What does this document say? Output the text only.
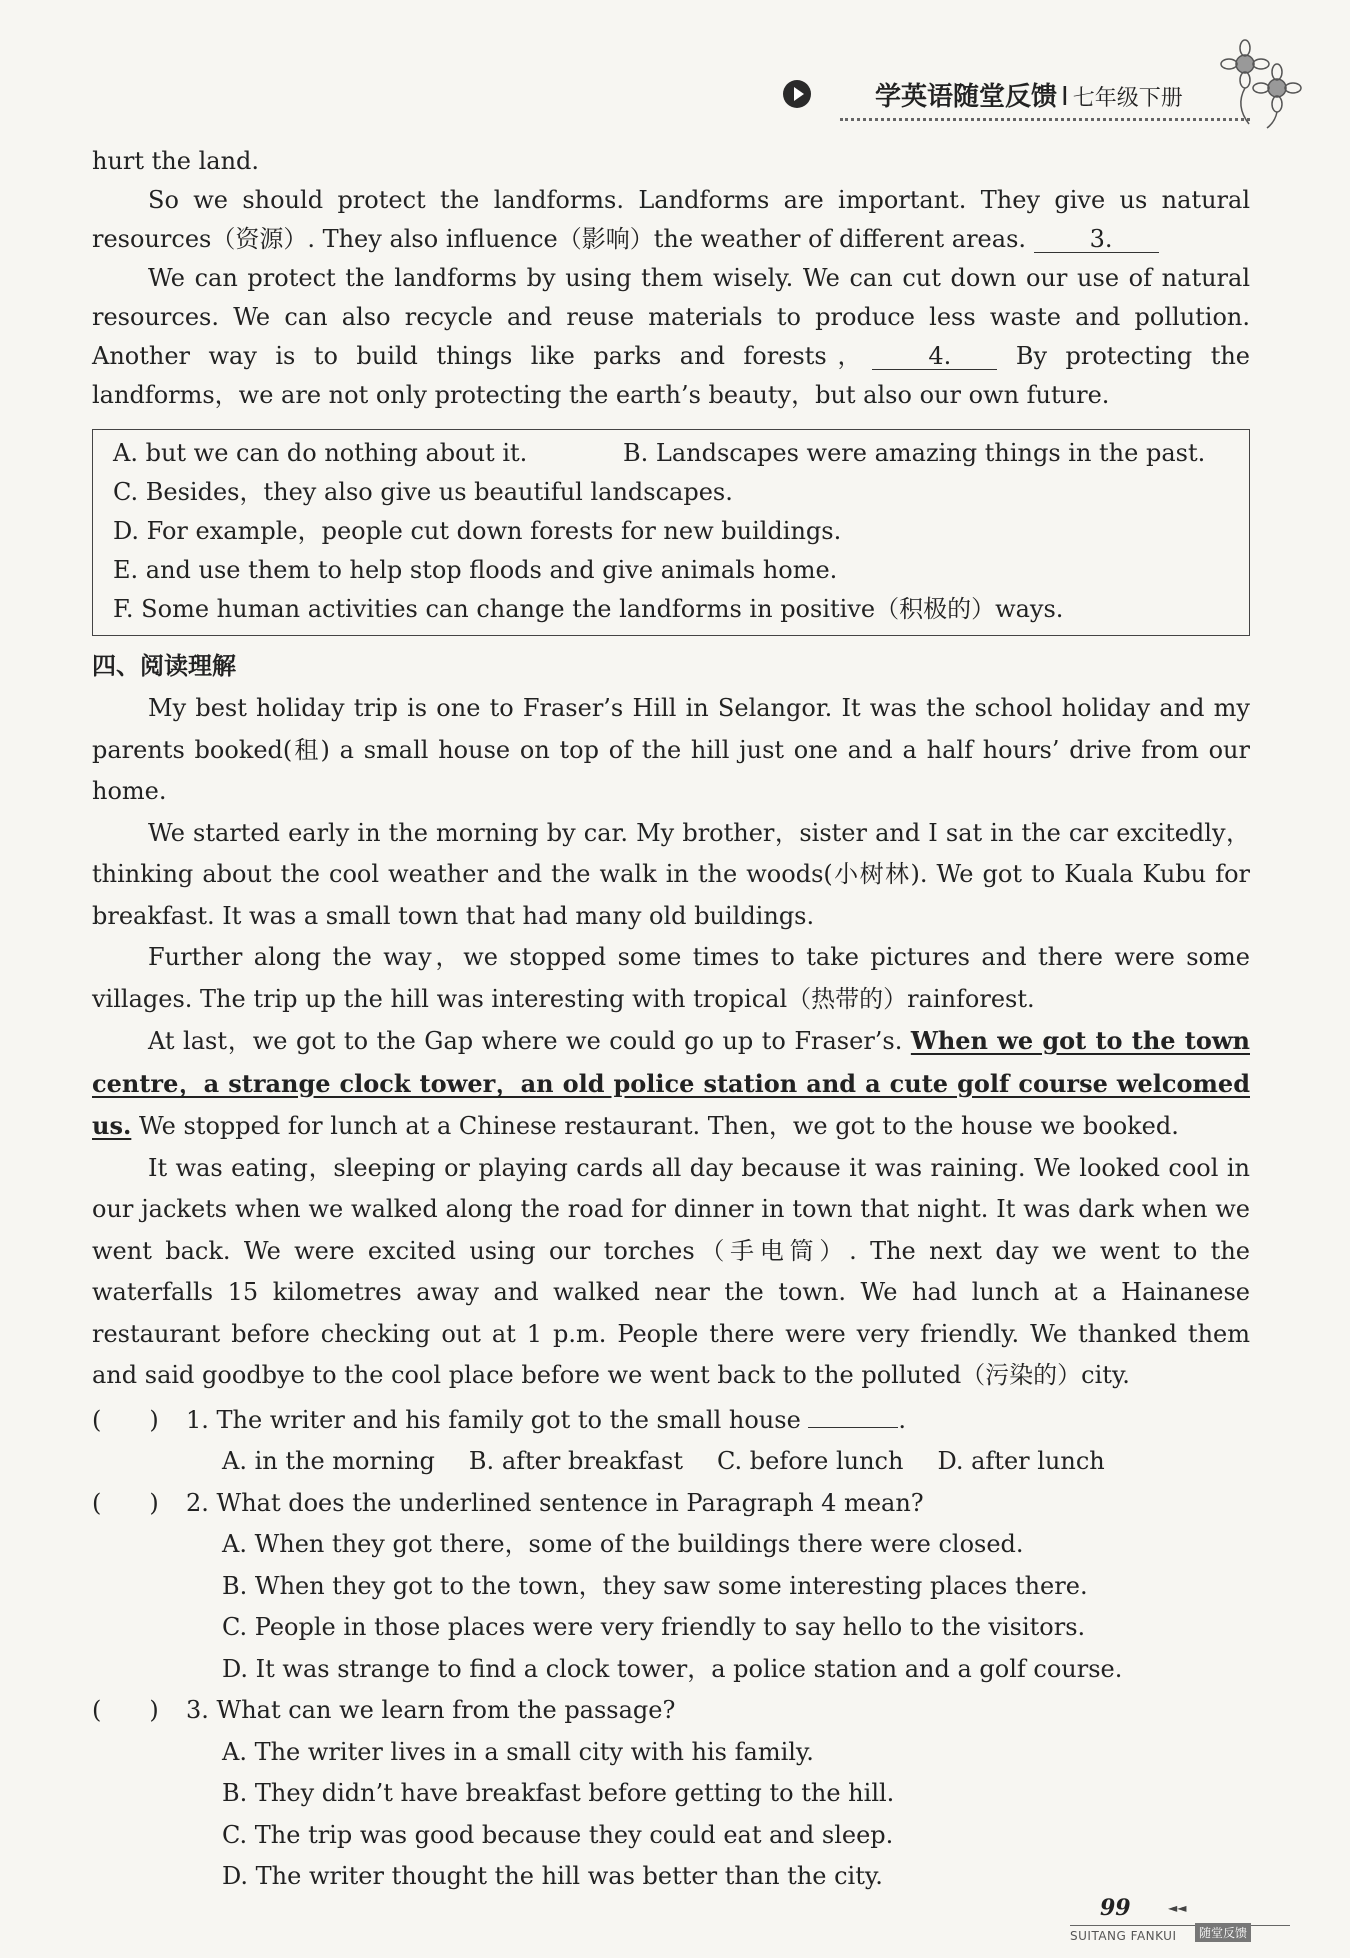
学英语随堂反馈 I 七年级下册

hurt the land.

So we should protect the landforms. Landforms are important. They give us natural resources（资源）. They also influence（影响）the weather of different areas. 3.

We can protect the landforms by using them wisely. We can cut down our use of natural resources. We can also recycle and reuse materials to produce less waste and pollution. Another way is to build things like parks and forests， 4. By protecting the landforms，we are not only protecting the earth’s beauty，but also our own future.

A. but we can do nothing about it.	B. Landscapes were amazing things in the past.
C. Besides，they also give us beautiful landscapes.
D. For example，people cut down forests for new buildings.
E. and use them to help stop floods and give animals home.
F. Some human activities can change the landforms in positive（积极的）ways.
四、阅读理解

My best holiday trip is one to Fraser’s Hill in Selangor. It was the school holiday and my parents booked(租) a small house on top of the hill just one and a half hours’ drive from our home.

We started early in the morning by car. My brother，sister and I sat in the car excitedly，thinking about the cool weather and the walk in the woods(小树林). We got to Kuala Kubu for breakfast. It was a small town that had many old buildings.

Further along the way，we stopped some times to take pictures and there were some villages. The trip up the hill was interesting with tropical（热带的）rainforest.

At last，we got to the Gap where we could go up to Fraser’s. When we got to the town centre，a strange clock tower，an old police station and a cute golf course welcomed us. We stopped for lunch at a Chinese restaurant. Then，we got to the house we booked.

It was eating，sleeping or playing cards all day because it was raining. We looked cool in our jackets when we walked along the road for dinner in town that night. It was dark when we went back. We were excited using our torches（手电筒）. The next day we went to the waterfalls 15 kilometres away and walked near the town. We had lunch at a Hainanese restaurant before checking out at 1 p.m. People there were very friendly. We thanked them and said goodbye to the cool place before we went back to the polluted（污染的）city.

(　　) 1. The writer and his family got to the small house	.
A. in the morning B. after breakfast C. before lunch D. after lunch
(　　) 2. What does the underlined sentence in Paragraph 4 mean?
A. When they got there，some of the buildings there were closed.
B. When they got to the town，they saw some interesting places there.
C. People in those places were very friendly to say hello to the visitors.
D. It was strange to find a clock tower，a police station and a golf course.
(　　) 3. What can we learn from the passage?
A. The writer lives in a small city with his family.
B. They didn’t have breakfast before getting to the hill.
C. The trip was good because they could eat and sleep.
D. The writer thought the hill was better than the city.
99	◄◄
SUITANG FANKUI	随堂反馈
